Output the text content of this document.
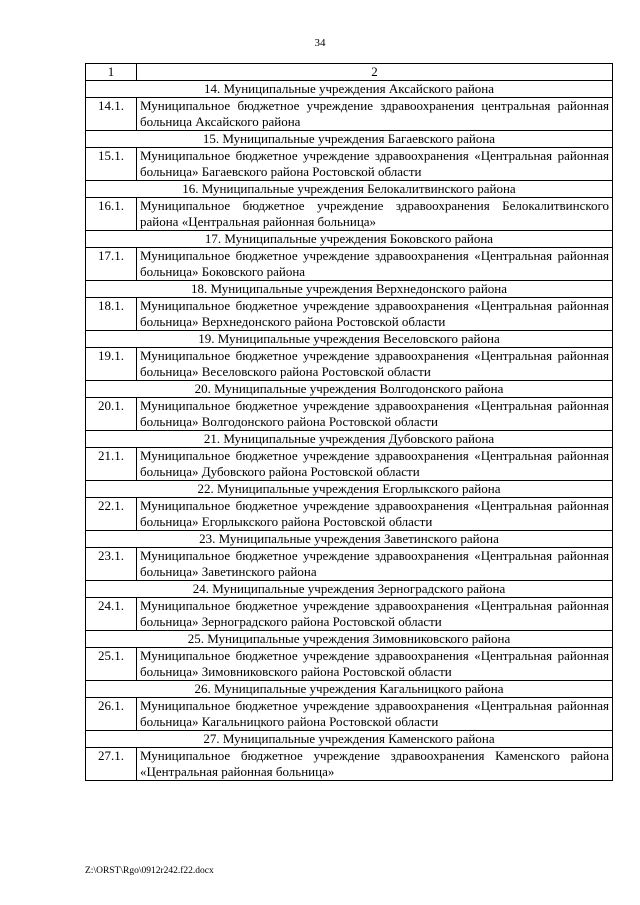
34
1	2
14. Муниципальные учреждения Аксайского района	
14.1.	Муниципальное бюджетное учреждение здравоохранения центральная районная больница Аксайского района
15. Муниципальные учреждения Багаевского района	
15.1.	Муниципальное бюджетное учреждение здравоохранения «Центральная районная больница» Багаевского района Ростовской области
16. Муниципальные учреждения Белокалитвинского района	
16.1.	Муниципальное бюджетное учреждение здравоохранения Белокалитвинского района «Центральная районная больница»
17. Муниципальные учреждения Боковского района	
17.1.	Муниципальное бюджетное учреждение здравоохранения «Центральная районная больница» Боковского района
18. Муниципальные учреждения Верхнедонского района	
18.1.	Муниципальное бюджетное учреждение здравоохранения «Центральная районная больница» Верхнедонского района Ростовской области
19. Муниципальные учреждения Веселовского района	
19.1.	Муниципальное бюджетное учреждение здравоохранения «Центральная районная больница» Веселовского района Ростовской области
20. Муниципальные учреждения Волгодонского района	
20.1.	Муниципальное бюджетное учреждение здравоохранения «Центральная районная больница» Волгодонского района Ростовской области
21. Муниципальные учреждения Дубовского района	
21.1.	Муниципальное бюджетное учреждение здравоохранения «Центральная районная больница» Дубовского района Ростовской области
22. Муниципальные учреждения Егорлыкского района	
22.1.	Муниципальное бюджетное учреждение здравоохранения «Центральная районная больница» Егорлыкского района Ростовской области
23. Муниципальные учреждения Заветинского района	
23.1.	Муниципальное бюджетное учреждение здравоохранения «Центральная районная больница» Заветинского района
24. Муниципальные учреждения Зерноградского района	
24.1.	Муниципальное бюджетное учреждение здравоохранения «Центральная районная больница» Зерноградского района Ростовской области
25. Муниципальные учреждения Зимовниковского района	
25.1.	Муниципальное бюджетное учреждение здравоохранения «Центральная районная больница» Зимовниковского района Ростовской области
26. Муниципальные учреждения Кагальницкого района	
26.1.	Муниципальное бюджетное учреждение здравоохранения «Центральная районная больница» Кагальницкого района Ростовской области
27. Муниципальные учреждения Каменского района	
27.1.	Муниципальное бюджетное учреждение здравоохранения Каменского района «Центральная районная больница»
Z:\ORST\Rgo\0912r242.f22.docx
